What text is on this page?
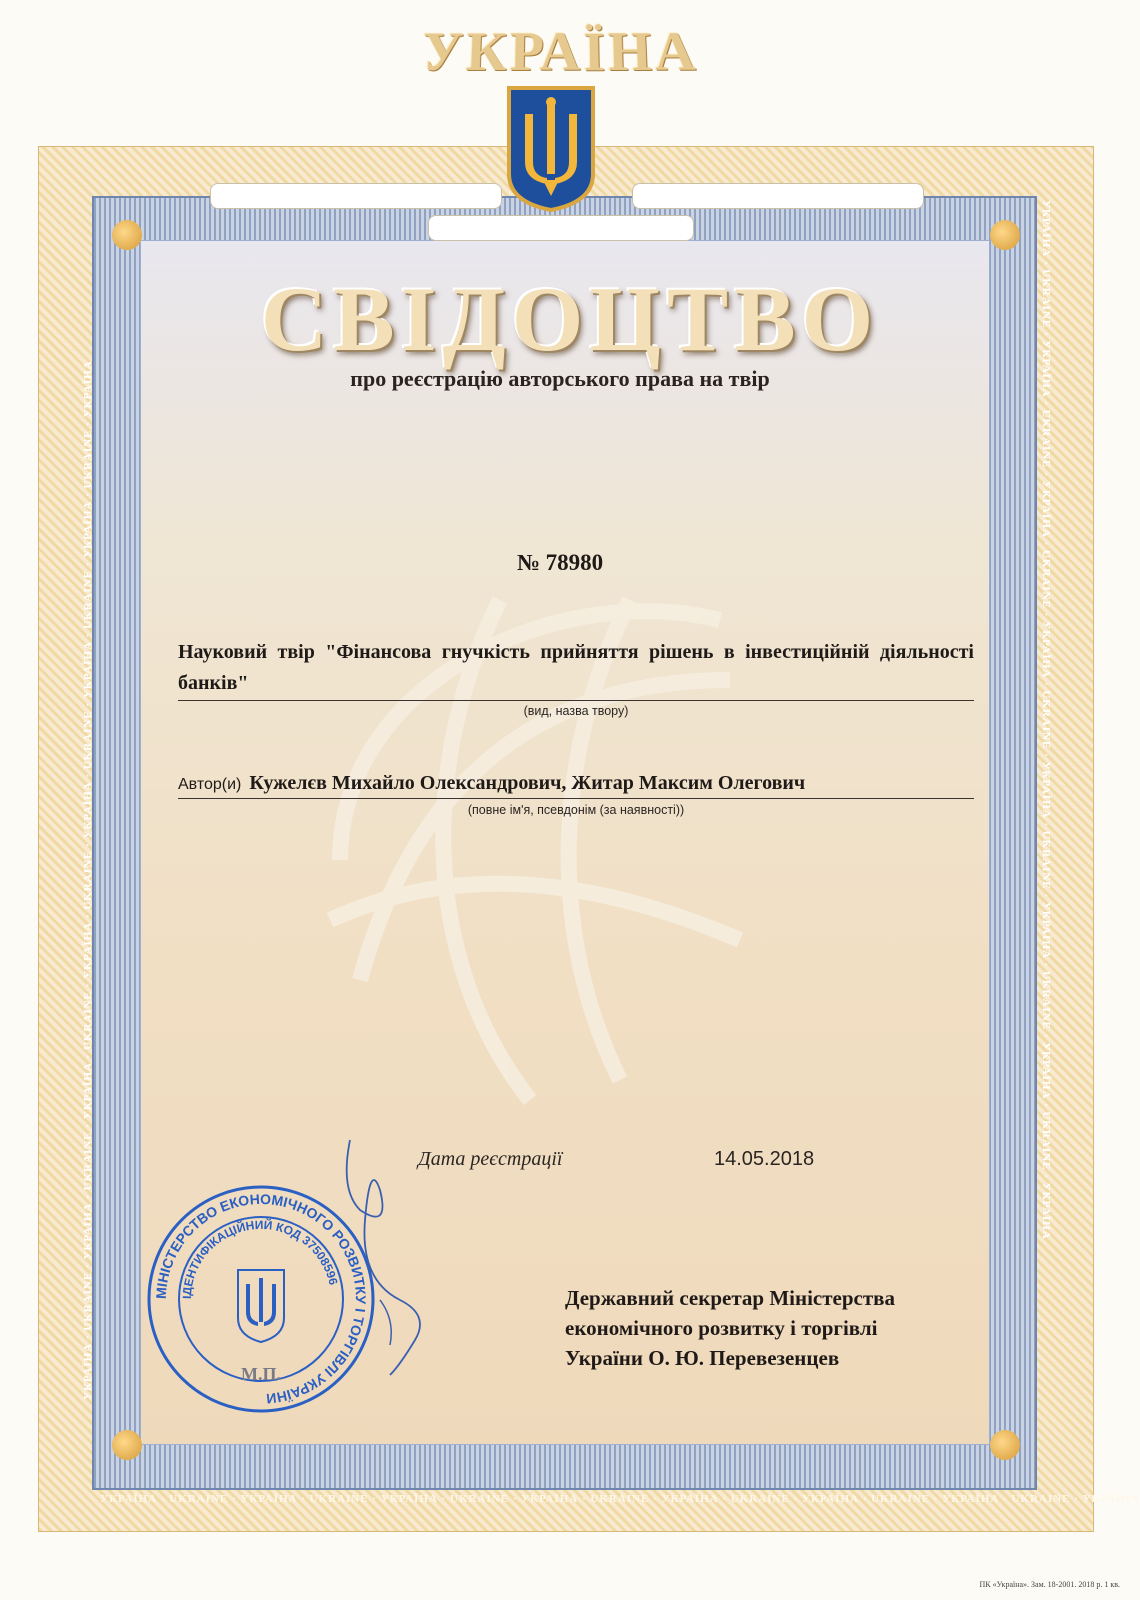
УКРАЇНА · UKRAINE · УКРАЇНА · UKRAINE · УКРАЇНА · UKRAINE · УКРАЇНА · UKRAINE · УКРАЇНА · UKRAINE · УКРАЇНА · UKRAINE · УКРАЇНА · UKRAINE · УКРАЇНА	УКРАЇНА · UKRAINE · УКРАЇНА · UKRAINE · УКРАЇНА · UKRAINE · УКРАЇНА · UKRAINE · УКРАЇНА · UKRAINE · УКРАЇНА · UKRAINE · УКРАЇНА · UKRAINE · УКРАЇНА
УКРАЇНА · UKRAINE · УКРАЇНА · UKRAINE · УКРАЇНА · UKRAINE · УКРАЇНА · UKRAINE · УКРАЇНА · UKRAINE · УКРАЇНА · UKRAINE · УКРАЇНА · UKRAINE · УКРАЇНА
УКРАЇНА
СВІДОЦТВО
про реєстрацію авторського права на твір
№ 78980
Науковий твір "Фінансова гнучкість прийняття рішень в інвестиційній діяльності банків"
(вид, назва твору)
Автор(и) Кужелєв Михайло Олександрович, Житар Максим Олегович
(повне ім'я, псевдонім (за наявності))
Дата реєстрації	14.05.2018
Державний секретар Міністерства
економічного розвитку і торгівлі
України О. Ю. Перевезенцев
МІНІСТЕРСТВО ЕКОНОМІЧНОГО РОЗВИТКУ І ТОРГІВЛІ УКРАЇНИ
ІДЕНТИФІКАЦІЙНИЙ КОД 37508596
М.П.
ПК «Україна». Зам. 18-2001. 2018 р. 1 кв.
